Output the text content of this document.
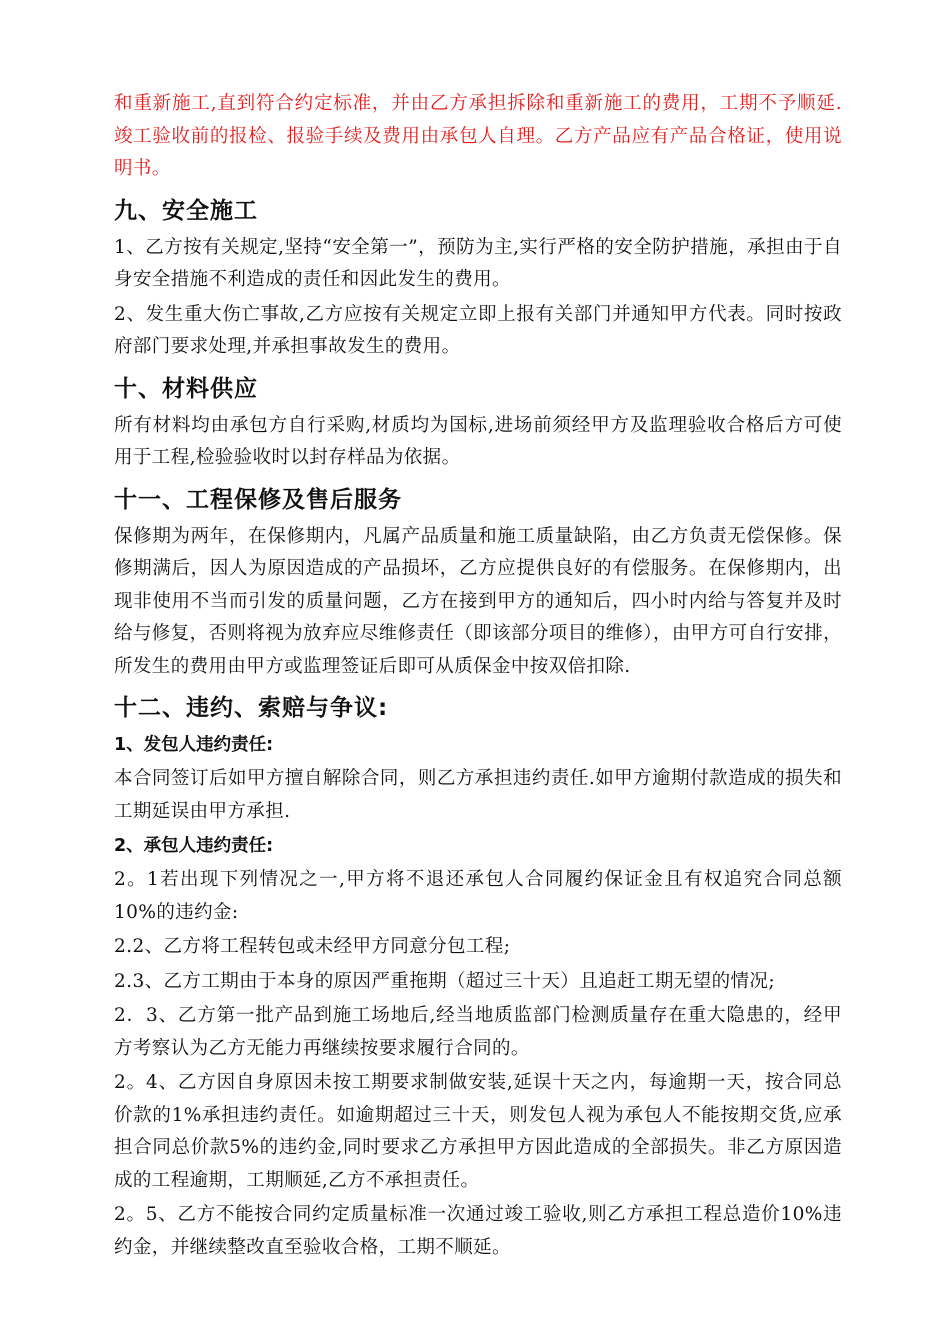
和重新施工,直到符合约定标准，并由乙方承担拆除和重新施工的费用，工期不予顺延.竣工验收前的报检、报验手续及费用由承包人自理。乙方产品应有产品合格证，使用说明书。

九、安全施工

1、乙方按有关规定,坚持“安全第一”，预防为主,实行严格的安全防护措施，承担由于自身安全措施不利造成的责任和因此发生的费用。

2、发生重大伤亡事故,乙方应按有关规定立即上报有关部门并通知甲方代表。同时按政府部门要求处理,并承担事故发生的费用。

十、材料供应

所有材料均由承包方自行采购,材质均为国标,进场前须经甲方及监理验收合格后方可使用于工程,检验验收时以封存样品为依据。

十一、工程保修及售后服务

保修期为两年，在保修期内，凡属产品质量和施工质量缺陷，由乙方负责无偿保修。保修期满后，因人为原因造成的产品损坏，乙方应提供良好的有偿服务。在保修期内，出现非使用不当而引发的质量问题，乙方在接到甲方的通知后，四小时内给与答复并及时给与修复，否则将视为放弃应尽维修责任（即该部分项目的维修），由甲方可自行安排，所发生的费用由甲方或监理签证后即可从质保金中按双倍扣除.

十二、违约、索赔与争议:
1、发包人违约责任:

本合同签订后如甲方擅自解除合同，则乙方承担违约责任.如甲方逾期付款造成的损失和工期延误由甲方承担.

2、承包人违约责任:

2。1若出现下列情况之一,甲方将不退还承包人合同履约保证金且有权追究合同总额10%的违约金:

2.2、乙方将工程转包或未经甲方同意分包工程;

2.3、乙方工期由于本身的原因严重拖期（超过三十天）且追赶工期无望的情况;

2．3、乙方第一批产品到施工场地后,经当地质监部门检测质量存在重大隐患的，经甲方考察认为乙方无能力再继续按要求履行合同的。

2。4、乙方因自身原因未按工期要求制做安装,延误十天之内，每逾期一天，按合同总价款的1%承担违约责任。如逾期超过三十天，则发包人视为承包人不能按期交货,应承担合同总价款5%的违约金,同时要求乙方承担甲方因此造成的全部损失。非乙方原因造成的工程逾期，工期顺延,乙方不承担责任。

2。5、乙方不能按合同约定质量标准一次通过竣工验收,则乙方承担工程总造价10%违约金，并继续整改直至验收合格，工期不顺延。
